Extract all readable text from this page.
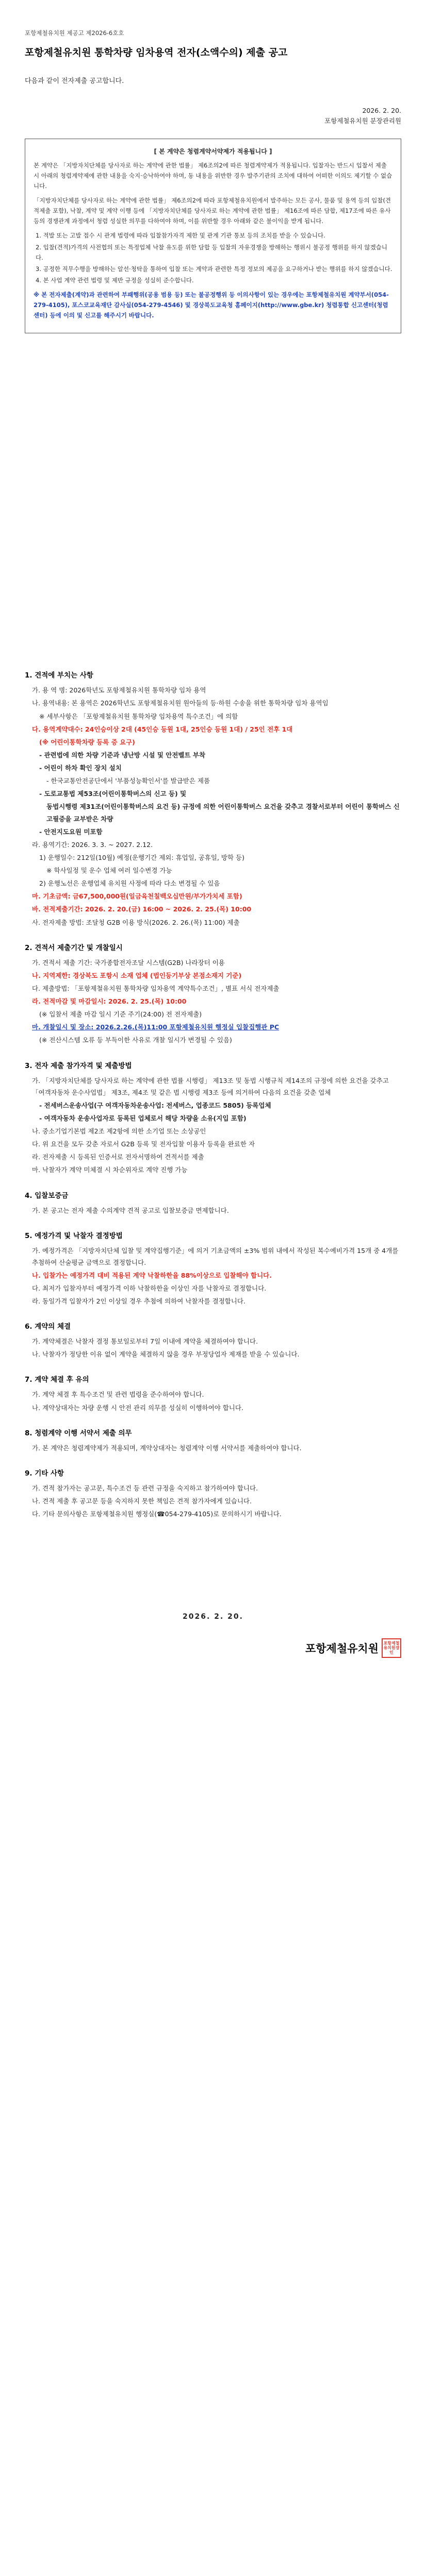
포항제철유치원 제공고 제2026-6호호
포항제철유치원 통학차량 임차용역 전자(소액수의) 제출 공고
다음과 같이 전자제출 공고합니다.
2026. 2. 20.
포항제철유치원 분장관리원
[ 본 계약은 청렴계약서약제가 적용됩니다 ]

본 계약은 「지방자치단체를 당사자로 하는 계약에 관한 법률」 제6조의2에 따른 청렴계약제가 적용됩니다. 입찰자는 반드시 입찰서 제출 시 아래의 청렴계약제에 관한 내용을 숙지·승낙하여야 하며, 동 내용을 위반한 경우 발주기관의 조치에 대하여 어떠한 이의도 제기할 수 없습니다.

「지방자치단체를 당사자로 하는 계약에 관한 법률」 제6조의2에 따라 포항제철유치원에서 발주하는 모든 공사, 물품 및 용역 등의 입찰(견적제출 포함), 낙찰, 계약 및 계약 이행 등에 「지방자치단체를 당사자로 하는 계약에 관한 법률」 제16조에 따른 담합, 제17조에 따른 유사 등의 경쟁관계 과정에서 청렴 성실한 의무를 다하여야 하며, 이를 위반할 경우 아래와 같은 불이익을 받게 됩니다.

1. 적발 또는 고발 접수 시 관계 법령에 따라 입찰참가자격 제한 및 관계 기관 통보 등의 조치를 받을 수 있습니다.
2. 입찰(견적)가격의 사전협의 또는 특정업체 낙찰 유도를 위한 담합 등 입찰의 자유경쟁을 방해하는 행위시 불공정 행위를 하지 않겠습니다.
3. 공정한 직무수행을 방해하는 알선·청탁을 통하여 입찰 또는 계약과 관련한 특정 정보의 제공을 요구하거나 받는 행위를 하지 않겠습니다.
4. 본 사업 계약 관련 법령 및 제반 규정을 성실히 준수합니다.

※ 본 전자제출(계약)과 관련하여 부패행위(공용 범용 등) 또는 불공정행위 등 이의사항이 있는 경우에는 포항제철유치원 계약부서(054-279-4105), 포스코교육재단 감사실(054-279-4546) 및 경상북도교육청 홈페이지(http://www.gbe.kr) 청렴통합 신고센터(청렴센터) 등에 이의 및 신고를 해주시기 바랍니다.

1. 견적에 부치는 사항

가. 용 역 명: 2026학년도 포항제철유치원 통학차량 임차 용역

나. 용역내용: 본 용역은 2026학년도 포항제철유치원 원아들의 등·하원 수송을 위한 통학차량 임차 용역임

※ 세부사항은 「포항제철유치원 통학차량 임차용역 특수조건」에 의함

다. 용역계약대수: 24인승이상 2대 (45인승 등원 1대, 25인승 등원 1대) / 25인 전후 1대

(※ 어린이통학차량 등록 증 요구)

- 관련법에 의한 차량 기준과 냉난방 시설 및 안전벨트 부착

- 어린이 하차 확인 장치 설치

- 한국교통안전공단에서 '부품성능확인서'를 발급받은 제품

- 도로교통법 제53조(어린이통학버스의 신고 등) 및

동법시행령 제31조(어린이통학버스의 요건 등) 규정에 의한 어린이통학버스 요건을 갖추고 경찰서로부터 어린이 통학버스 신고필증을 교부받은 차량

- 안전지도요원 미포함

라. 용역기간: 2026. 3. 3. ~ 2027. 2.12.

1) 운행일수: 212일(10월) 예정(운행기간 제외: 휴업일, 공휴일, 방학 등)

※ 학사일정 및 운수 업체 여러 일수변경 가능

2) 운행노선은 운행업체 유치원 사정에 따라 다소 변경될 수 있음

마. 기초금액: 금67,500,000원(일금육천칠백오십만원/부가가치세 포함)

바. 전적제출기간: 2026. 2. 20.(금) 16:00 ~ 2026. 2. 25.(목) 10:00

사. 전자제출 방법: 조달청 G2B 이용 방식(2026. 2. 26.(목) 11:00) 제출

2. 견적서 제출기간 및 개찰일시

가. 견적서 제출 기간: 국가종합전자조달 시스템(G2B) 나라장터 이용

나. 지역제한: 경상북도 포항시 소재 업체 (법인등기부상 본점소재지 기준)

다. 제출방법: 「포항제철유치원 통학차량 임차용역 계약특수조건」, 별표 서식 전자제출

라. 전적마감 및 마감일시: 2026. 2. 25.(목) 10:00

(※ 입찰서 제출 마감 일시 기준 주기(24:00) 전 전자제출)

마. 개찰일시 및 장소: 2026.2.26.(목)11:00 포항제철유치원 행정실 입찰집행관 PC

(※ 전산시스템 오류 등 부득이한 사유로 개찰 일시가 변경될 수 있음)

3. 전자 제출 참가자격 및 제출방법

가. 「지방자치단체를 당사자로 하는 계약에 관한 법률 시행령」 제13조 및 동법 시행규칙 제14조의 규정에 의한 요건을 갖추고 「여객자동차 운수사업법」 제3조, 제4조 및 같은 법 시행령 제3조 등에 의거하여 다음의 요건을 갖춘 업체

- 전세버스운송사업(구 여객자동차운송사업: 전세버스, 업종코드 5805) 등록업체

- 여객자동차 운송사업자로 등록된 업체로서 해당 차량을 소유(지입 포함)

나. 중소기업기본법 제2조 제2항에 의한 소기업 또는 소상공인

다. 위 요건을 모두 갖춘 자로서 G2B 등록 및 전자입찰 이용자 등록을 완료한 자

라. 전자제출 시 등록된 인증서로 전자서명하여 견적서를 제출

마. 낙찰자가 계약 미체결 시 차순위자로 계약 진행 가능

4. 입찰보증금

가. 본 공고는 전자 제출 수의계약 견적 공고로 입찰보증금 면제합니다.

5. 예정가격 및 낙찰자 결정방법

가. 예정가격은 「지방자치단체 입찰 및 계약집행기준」에 의거 기초금액의 ±3% 범위 내에서 작성된 복수예비가격 15개 중 4개를 추첨하여 산술평균 금액으로 결정합니다.

나. 입찰가는 예정가격 대비 적용된 계약 낙찰하한율 88%이상으로 입찰해야 합니다.

다. 최저가 입찰자부터 예정가격 이하 낙찰하한율 이상인 자를 낙찰자로 결정합니다.

라. 동일가격 입찰자가 2인 이상일 경우 추첨에 의하여 낙찰자를 결정합니다.

6. 계약의 체결

가. 계약체결은 낙찰자 결정 통보일로부터 7일 이내에 계약을 체결하여야 합니다.

나. 낙찰자가 정당한 이유 없이 계약을 체결하지 않을 경우 부정당업자 제재를 받을 수 있습니다.

7. 계약 체결 후 유의

가. 계약 체결 후 특수조건 및 관련 법령을 준수하여야 합니다.

나. 계약상대자는 차량 운행 시 안전 관리 의무를 성실히 이행하여야 합니다.

8. 청렴계약 이행 서약서 제출 의무

가. 본 계약은 청렴계약제가 적용되며, 계약상대자는 청렴계약 이행 서약서를 제출하여야 합니다.

9. 기타 사항

가. 견적 참가자는 공고문, 특수조건 등 관련 규정을 숙지하고 참가하여야 합니다.

나. 견적 제출 후 공고문 등을 숙지하지 못한 책임은 견적 참가자에게 있습니다.

다. 기타 문의사항은 포항제철유치원 행정실(☎054-279-4105)로 문의하시기 바랍니다.

2026. 2. 20.
포항제철유치원	포항제철유치원장인
